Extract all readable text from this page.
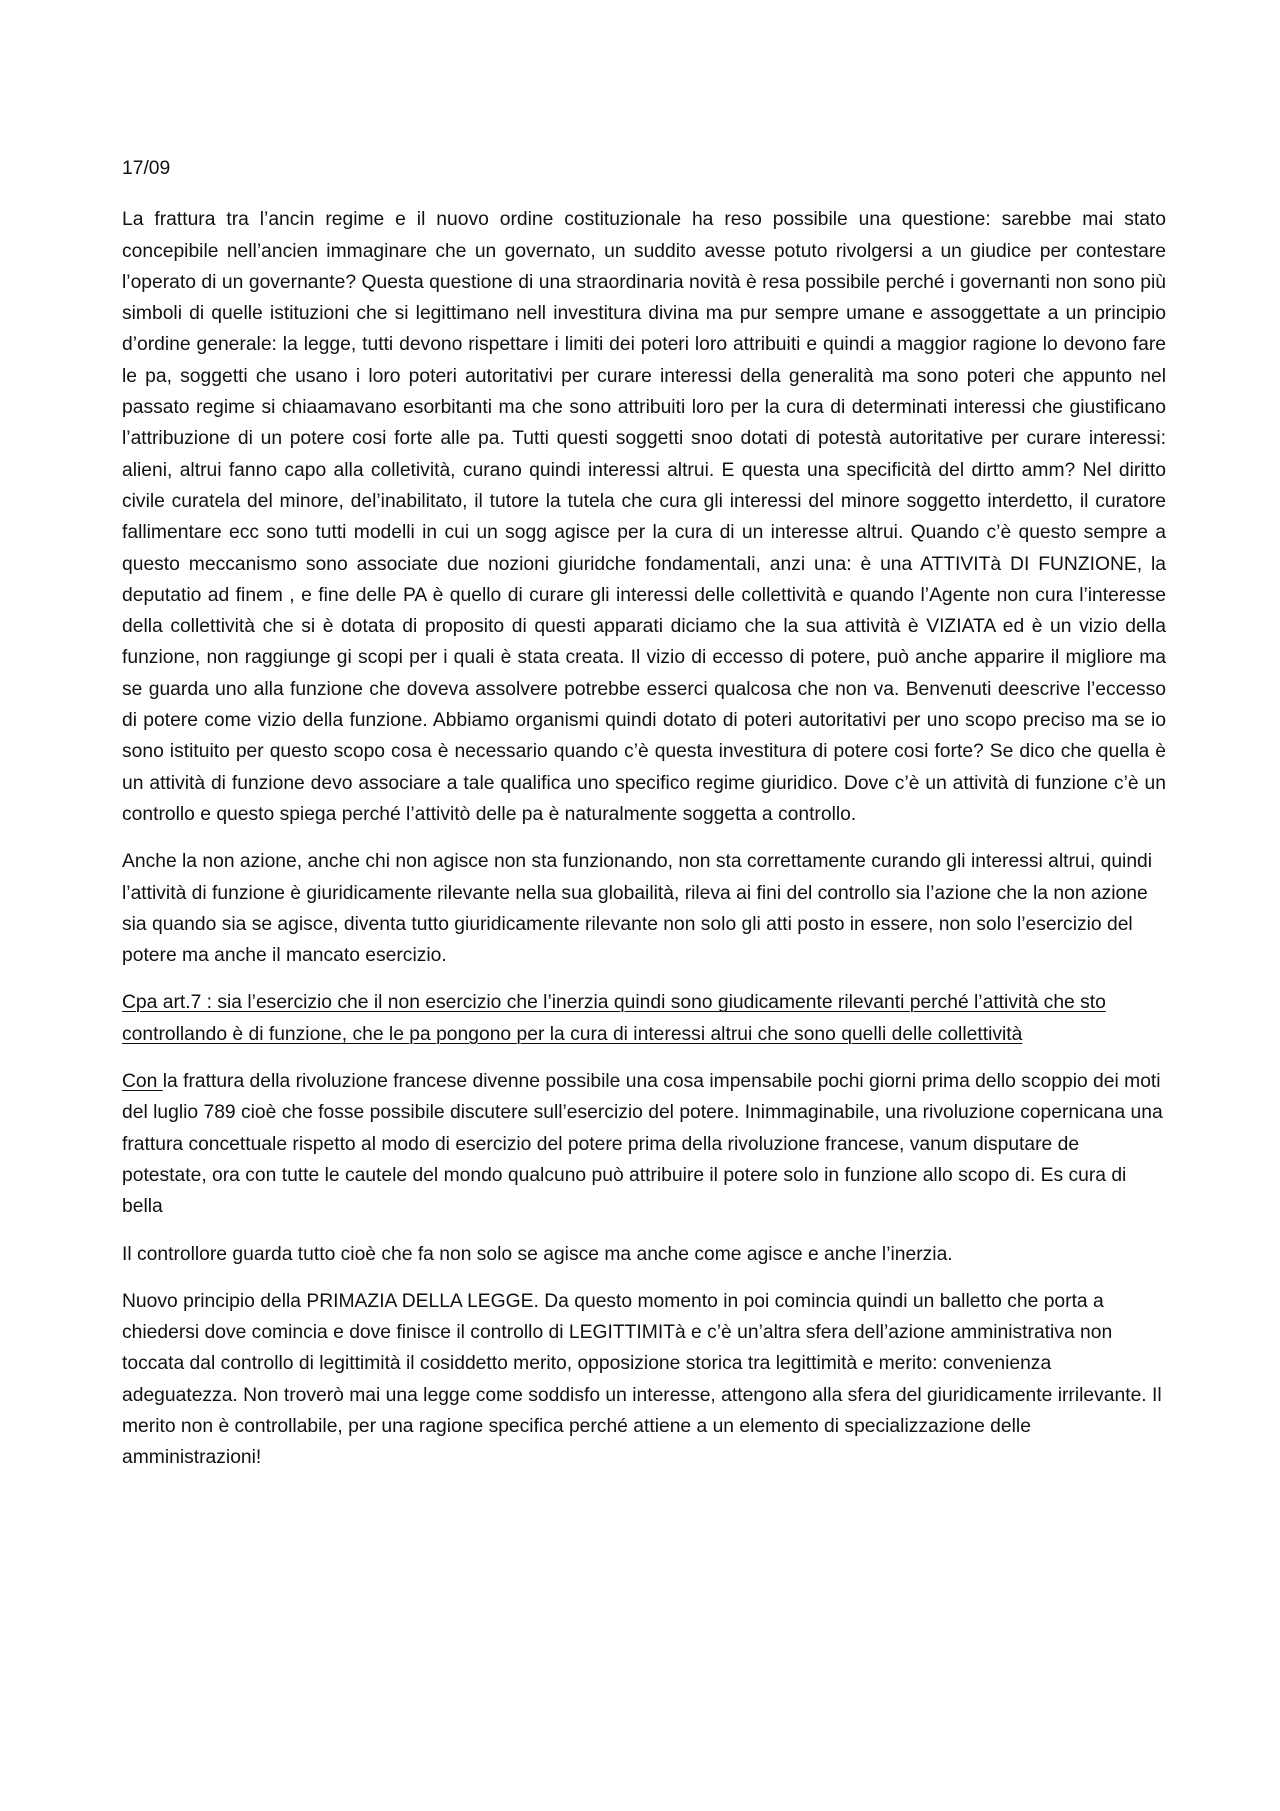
17/09

La frattura tra l’ancin regime e il nuovo ordine costituzionale ha reso possibile una questione: sarebbe mai stato concepibile nell’ancien immaginare che un governato, un suddito avesse potuto rivolgersi a un giudice per contestare l’operato di un governante? Questa questione di una straordinaria novità è resa possibile perché i governanti non sono più simboli di quelle istituzioni che si legittimano nell investitura divina ma pur sempre umane e assoggettate a un principio d’ordine generale: la legge, tutti devono rispettare i limiti dei poteri loro attribuiti e quindi a maggior ragione lo devono fare le pa, soggetti che usano i loro poteri autoritativi per curare interessi della generalità ma sono poteri che appunto nel passato regime si chiaamavano esorbitanti ma che sono attribuiti loro per la cura di determinati interessi che giustificano l’attribuzione di un potere cosi forte alle pa. Tutti questi soggetti snoo dotati di potestà autoritative per curare interessi: alieni, altrui fanno capo alla colletività, curano quindi interessi altrui. E questa una specificità del dirtto amm? Nel diritto civile curatela del minore, del’inabilitato, il tutore la tutela che cura gli interessi del minore soggetto interdetto, il curatore fallimentare ecc sono tutti modelli in cui un sogg agisce per la cura di un interesse altrui. Quando c’è questo sempre a questo meccanismo sono associate due nozioni giuridche fondamentali, anzi una: è una ATTIVITà DI FUNZIONE, la deputatio ad finem , e fine delle PA è quello di curare gli interessi delle collettività e quando l’Agente non cura l’interesse della collettività che si è dotata di proposito di questi apparati diciamo che la sua attività è VIZIATA ed è un vizio della funzione, non raggiunge gi scopi per i quali è stata creata. Il vizio di eccesso di potere, può anche apparire il migliore ma se guarda uno alla funzione che doveva assolvere potrebbe esserci qualcosa che non va. Benvenuti deescrive l’eccesso di potere come vizio della funzione. Abbiamo organismi quindi dotato di poteri autoritativi per uno scopo preciso ma se io sono istituito per questo scopo cosa è necessario quando c’è questa investitura di potere cosi forte? Se dico che quella è un attività di funzione devo associare a tale qualifica uno specifico regime giuridico. Dove c’è un attività di funzione c’è un controllo e questo spiega perché l’attivitò delle pa è naturalmente soggetta a controllo.

Anche la non azione, anche chi non agisce non sta funzionando, non sta correttamente curando gli interessi altrui, quindi l’attività di funzione è giuridicamente rilevante nella sua globailità, rileva ai fini del controllo sia l’azione che la non azione sia quando sia se agisce, diventa tutto giuridicamente rilevante non solo gli atti posto in essere, non solo l’esercizio del potere ma anche il mancato esercizio.

Cpa art.7 : sia l’esercizio che il non esercizio che l’inerzia quindi sono giudicamente rilevanti perché l’attività che sto controllando è di funzione, che le pa pongono per la cura di interessi altrui che sono quelli delle collettività

Con la frattura della rivoluzione francese divenne possibile una cosa impensabile pochi giorni prima dello scoppio dei moti del luglio 789 cioè che fosse possibile discutere sull’esercizio del potere. Inimmaginabile, una rivoluzione copernicana una frattura concettuale rispetto al modo di esercizio del potere prima della rivoluzione francese, vanum disputare de potestate, ora con tutte le cautele del mondo qualcuno può attribuire il potere solo in funzione allo scopo di. Es cura di bella

Il controllore guarda tutto cioè che fa non solo se agisce ma anche come agisce e anche l’inerzia.

Nuovo principio della PRIMAZIA DELLA LEGGE. Da questo momento in poi comincia quindi un balletto che porta a chiedersi dove comincia e dove finisce il controllo di LEGITTIMITà e c’è un’altra sfera dell’azione amministrativa non toccata dal controllo di legittimità il cosiddetto merito, opposizione storica tra legittimità e merito: convenienza adeguatezza. Non troverò mai una legge come soddisfo un interesse, attengono alla sfera del giuridicamente irrilevante. Il merito non è controllabile, per una ragione specifica perché attiene a un elemento di specializzazione delle amministrazioni!
